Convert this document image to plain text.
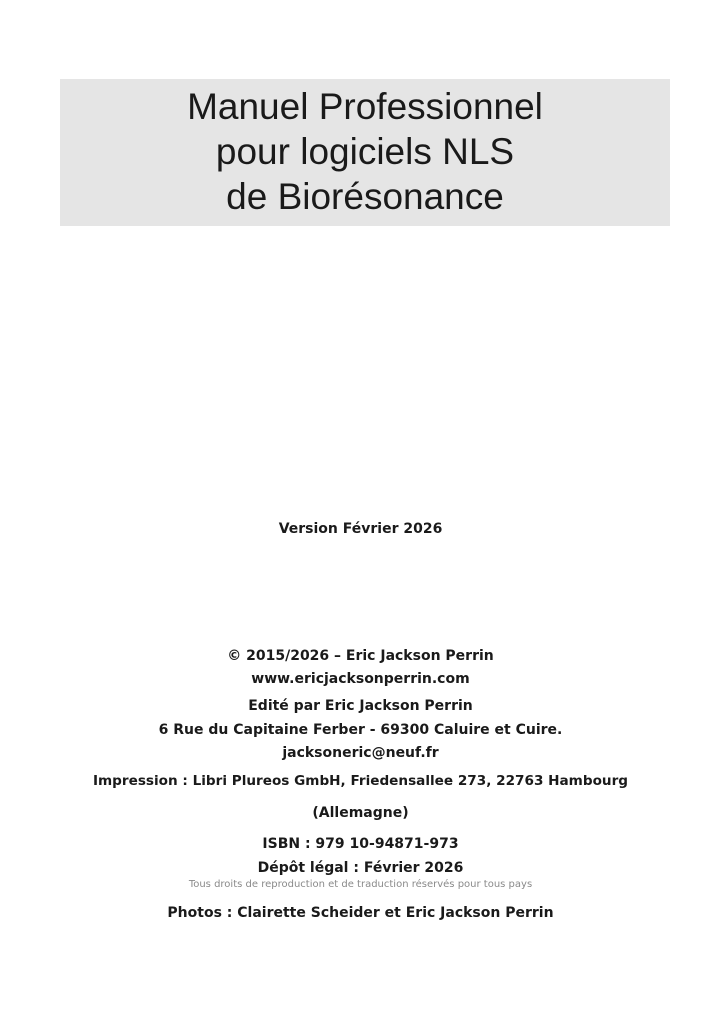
Manuel Professionnel
pour logiciels NLS
de Biorésonance
Version Février 2026
© 2015/2026 – Eric Jackson Perrin
www.ericjacksonperrin.com
Edité par Eric Jackson Perrin
6 Rue du Capitaine Ferber - 69300 Caluire et Cuire.
jacksoneric@neuf.fr
Impression : Libri Plureos GmbH, Friedensallee 273, 22763 Hambourg
(Allemagne)
ISBN : 979 10-94871-973
Dépôt légal : Février 2026
Tous droits de reproduction et de traduction réservés pour tous pays
Photos : Clairette Scheider et Eric Jackson Perrin
